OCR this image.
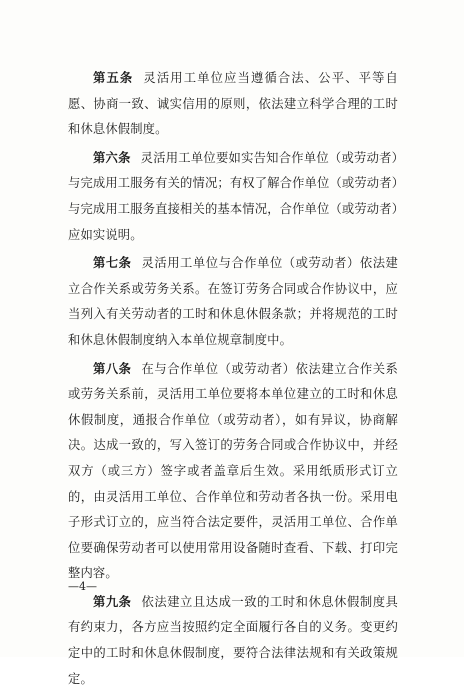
第五条 灵活用工单位应当遵循合法、公平、平等自愿、协商一致、诚实信用的原则，依法建立科学合理的工时和休息休假制度。

第六条 灵活用工单位要如实告知合作单位（或劳动者）与完成用工服务有关的情况；有权了解合作单位（或劳动者）与完成用工服务直接相关的基本情况，合作单位（或劳动者）应如实说明。

第七条 灵活用工单位与合作单位（或劳动者）依法建立合作关系或劳务关系。在签订劳务合同或合作协议中，应当列入有关劳动者的工时和休息休假条款；并将规范的工时和休息休假制度纳入本单位规章制度中。

第八条 在与合作单位（或劳动者）依法建立合作关系或劳务关系前，灵活用工单位要将本单位建立的工时和休息休假制度，通报合作单位（或劳动者），如有异议，协商解决。达成一致的，写入签订的劳务合同或合作协议中，并经双方（或三方）签字或者盖章后生效。采用纸质形式订立的，由灵活用工单位、合作单位和劳动者各执一份。采用电子形式订立的，应当符合法定要件，灵活用工单位、合作单位要确保劳动者可以使用常用设备随时查看、下载、打印完整内容。

第九条 依法建立且达成一致的工时和休息休假制度具有约束力，各方应当按照约定全面履行各自的义务。变更约定中的工时和休息休假制度，要符合法律法规和有关政策规定。

—4—
